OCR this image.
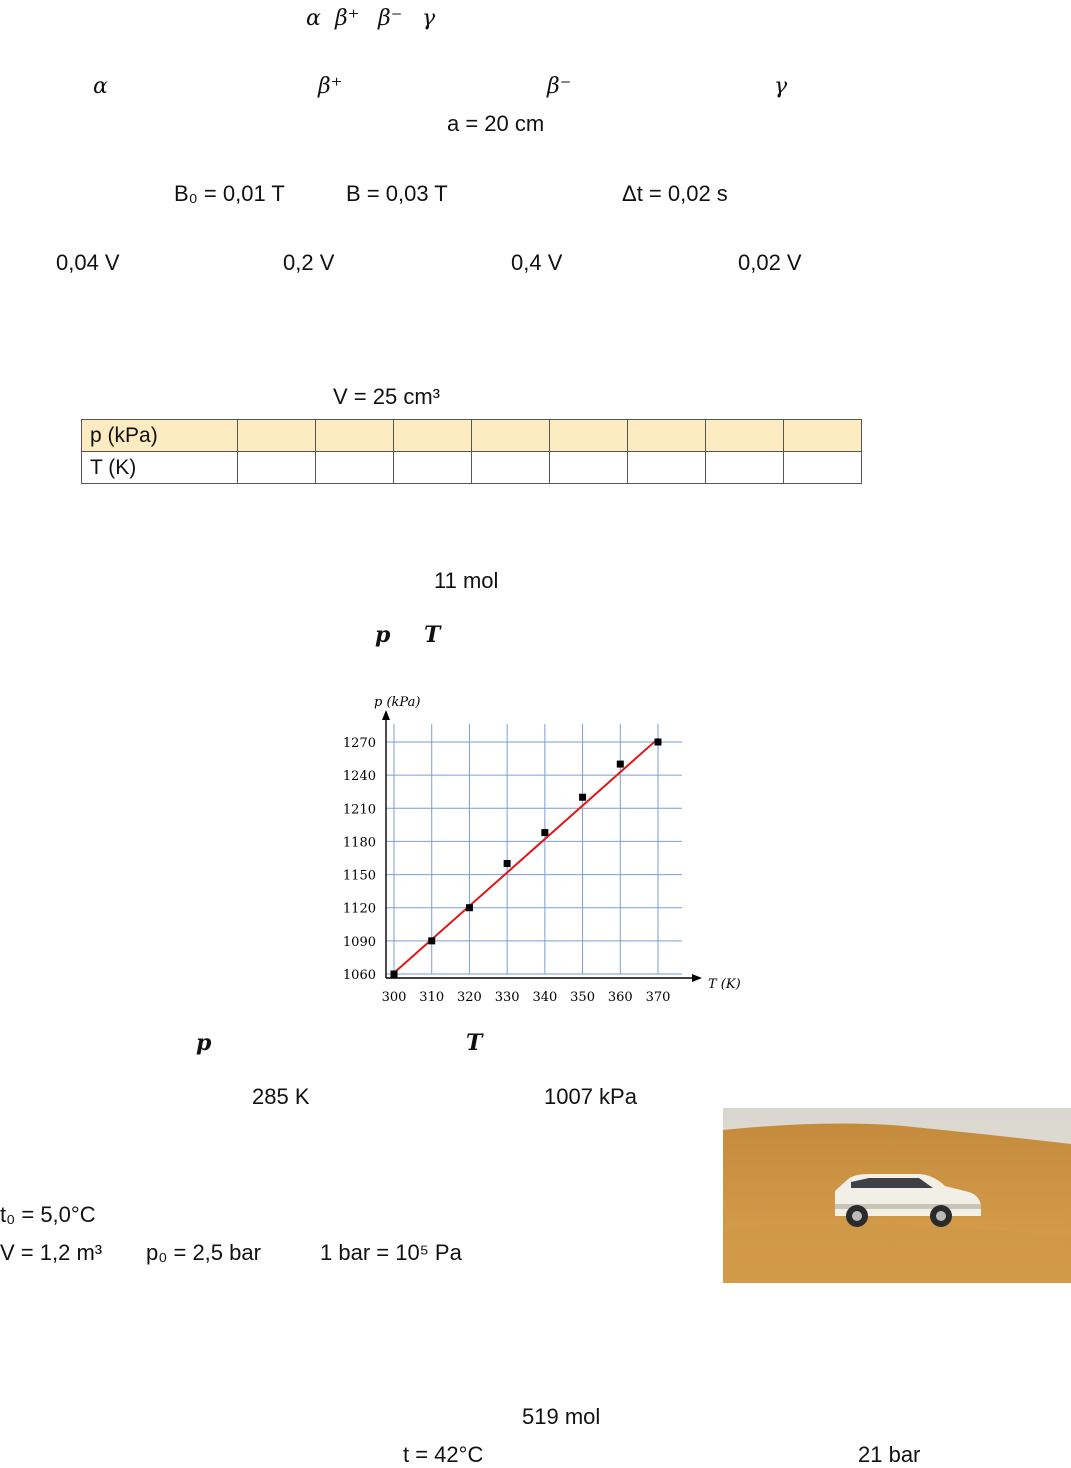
α β⁺ β⁻ γ
α	β⁺	β⁻	γ
a = 20 cm
B₀ = 0,01 T	B = 0,03 T	Δt = 0,02 s
0,04 V	0,2 V	0,4 V	0,02 V
V = 25 cm³
p (kPa)								
T (K)								
11 mol
p T
300 310 320 330 340 350 360 370
1060
1090
1120
1150
1180
1210
1240
1270
p (kPa)
T (K)
p	T
285 K	1007 kPa
t₀ = 5,0°C
V = 1,2 m³ p₀ = 2,5 bar	1 bar = 10⁵ Pa
519 mol
t = 42°C	21 bar
